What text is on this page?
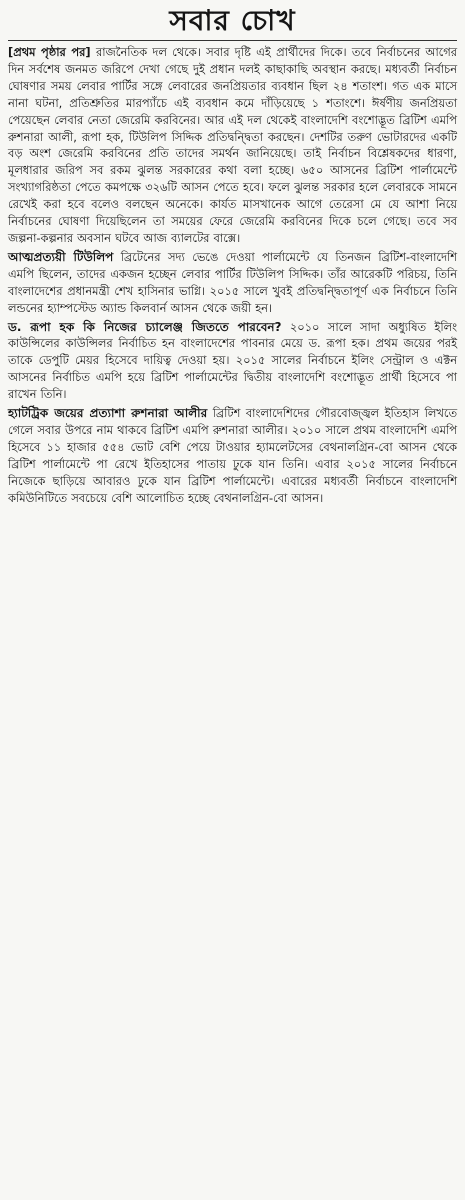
সবার চোখ

[প্রথম পৃষ্ঠার পর] রাজনৈতিক দল থেকে। সবার দৃষ্টি এই প্রার্থীদের দিকে। তবে নির্বাচনের আগের দিন সর্বশেষ জনমত জরিপে দেখা গেছে দুই প্রধান দলই কাছাকাছি অবস্থান করছে। মধ্যবর্তী নির্বাচন ঘোষণার সময় লেবার পার্টির সঙ্গে লেবারের জনপ্রিয়তার ব্যবধান ছিল ২৪ শতাংশ। গত এক মাসে নানা ঘটনা, প্রতিশ্রুতির মারপ্যাঁচে এই ব্যবধান কমে দাঁড়িয়েছে ১ শতাংশে। ঈর্ষণীয় জনপ্রিয়তা পেয়েছেন লেবার নেতা জেরেমি করবিনের। আর এই দল থেকেই বাংলাদেশি বংশোদ্ভূত ব্রিটিশ এমপি রুশনারা আলী, রূপা হক, টিউলিপ সিদ্দিক প্রতিদ্বন্দ্বিতা করছেন। দেশটির তরুণ ভোটারদের একটি বড় অংশ জেরেমি করবিনের প্রতি তাদের সমর্থন জানিয়েছে। তাই নির্বাচন বিশ্লেষকদের ধারণা, মূলধারার জরিপ সব রকম ঝুলন্ত সরকারের কথা বলা হচ্ছে। ৬৫০ আসনের ব্রিটিশ পার্লামেন্টে সংখ্যাগরিষ্ঠতা পেতে কমপক্ষে ৩২৬টি আসন পেতে হবে। ফলে ঝুলন্ত সরকার হলে লেবারকে সামনে রেখেই করা হবে বলেও বলছেন অনেকে। কার্যত মাসখানেক আগে তেরেসা মে যে আশা নিয়ে নির্বাচনের ঘোষণা দিয়েছিলেন তা সময়ের ফেরে জেরেমি করবিনের দিকে চলে গেছে। তবে সব জল্পনা-কল্পনার অবসান ঘটবে আজ ব্যালটের বাক্সে।

আত্মপ্রত্যয়ী টিউলিপ ব্রিটেনের সদ্য ভেঙে দেওয়া পার্লামেন্টে যে তিনজন ব্রিটিশ-বাংলাদেশি এমপি ছিলেন, তাদের একজন হচ্ছেন লেবার পার্টির টিউলিপ সিদ্দিক। তাঁর আরেকটি পরিচয়, তিনি বাংলাদেশের প্রধানমন্ত্রী শেখ হাসিনার ভাগ্নি। ২০১৫ সালে খুবই প্রতিদ্বন্দ্বিতাপূর্ণ এক নির্বাচনে তিনি লন্ডনের হ্যাম্পস্টেড অ্যান্ড কিলবার্ন আসন থেকে জয়ী হন।

ড. রূপা হক কি নিজের চ্যালেঞ্জ জিততে পারবেন? ২০১০ সালে সাদা অধ্যুষিত ইলিং কাউন্সিলের কাউন্সিলর নির্বাচিত হন বাংলাদেশের পাবনার মেয়ে ড. রূপা হক। প্রথম জয়ের পরই তাকে ডেপুটি মেয়র হিসেবে দায়িত্ব দেওয়া হয়। ২০১৫ সালের নির্বাচনে ইলিং সেন্ট্রাল ও এক্টন আসনের নির্বাচিত এমপি হয়ে ব্রিটিশ পার্লামেন্টের দ্বিতীয় বাংলাদেশি বংশোদ্ভূত প্রার্থী হিসেবে পা রাখেন তিনি।

হ্যাটট্রিক জয়ের প্রত্যাশা রুশনারা আলীর ব্রিটিশ বাংলাদেশিদের গৌরবোজ্জ্বল ইতিহাস লিখতে গেলে সবার উপরে নাম থাকবে ব্রিটিশ এমপি রুশনারা আলীর। ২০১০ সালে প্রথম বাংলাদেশি এমপি হিসেবে ১১ হাজার ৫৫৪ ভোট বেশি পেয়ে টাওয়ার হ্যামলেটসের বেথনালগ্রিন-বো আসন থেকে ব্রিটিশ পার্লামেন্টে পা রেখে ইতিহাসের পাতায় ঢুকে যান তিনি। এবার ২০১৫ সালের নির্বাচনে নিজেকে ছাড়িয়ে আবারও ঢুকে যান ব্রিটিশ পার্লামেন্টে। এবারের মধ্যবর্তী নির্বাচনে বাংলাদেশি কমিউনিটিতে সবচেয়ে বেশি আলোচিত হচ্ছে বেথনালগ্রিন-বো আসন।
